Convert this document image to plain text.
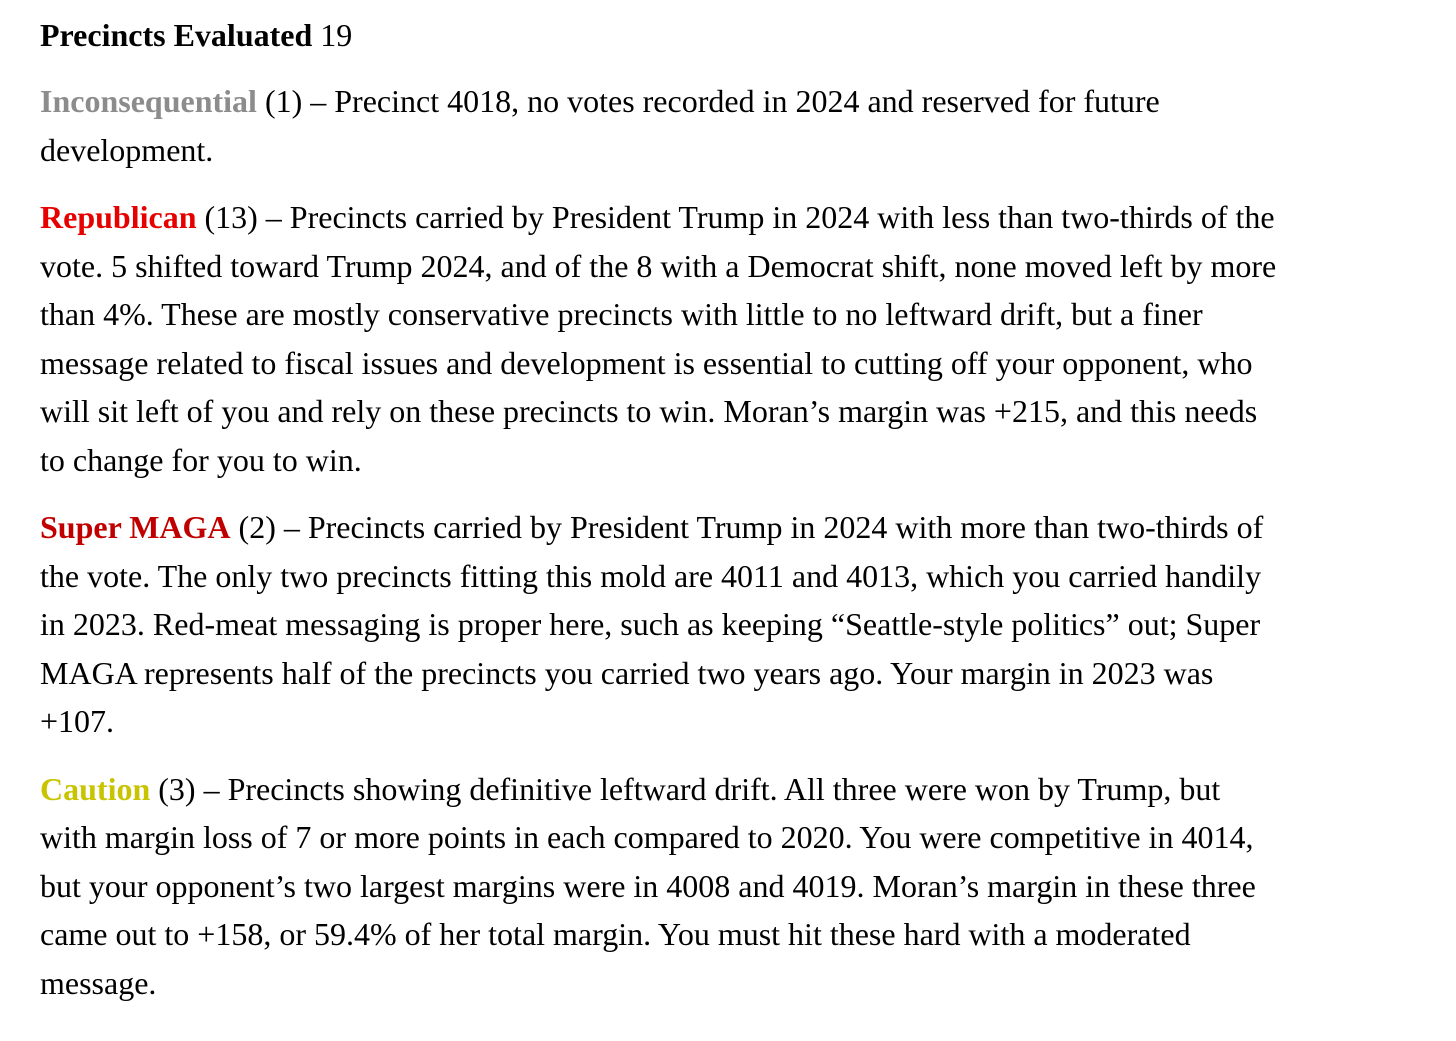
Precincts Evaluated 19
Inconsequential (1) – Precinct 4018, no votes recorded in 2024 and reserved for future
development.
Republican (13) – Precincts carried by President Trump in 2024 with less than two-thirds of the
vote. 5 shifted toward Trump 2024, and of the 8 with a Democrat shift, none moved left by more
than 4%. These are mostly conservative precincts with little to no leftward drift, but a finer
message related to fiscal issues and development is essential to cutting off your opponent, who
will sit left of you and rely on these precincts to win. Moran’s margin was +215, and this needs
to change for you to win.
Super MAGA (2) – Precincts carried by President Trump in 2024 with more than two-thirds of
the vote. The only two precincts fitting this mold are 4011 and 4013, which you carried handily
in 2023. Red-meat messaging is proper here, such as keeping “Seattle-style politics” out; Super
MAGA represents half of the precincts you carried two years ago. Your margin in 2023 was
+107.
Caution (3) – Precincts showing definitive leftward drift. All three were won by Trump, but
with margin loss of 7 or more points in each compared to 2020. You were competitive in 4014,
but your opponent’s two largest margins were in 4008 and 4019. Moran’s margin in these three
came out to +158, or 59.4% of her total margin. You must hit these hard with a moderated
message.
